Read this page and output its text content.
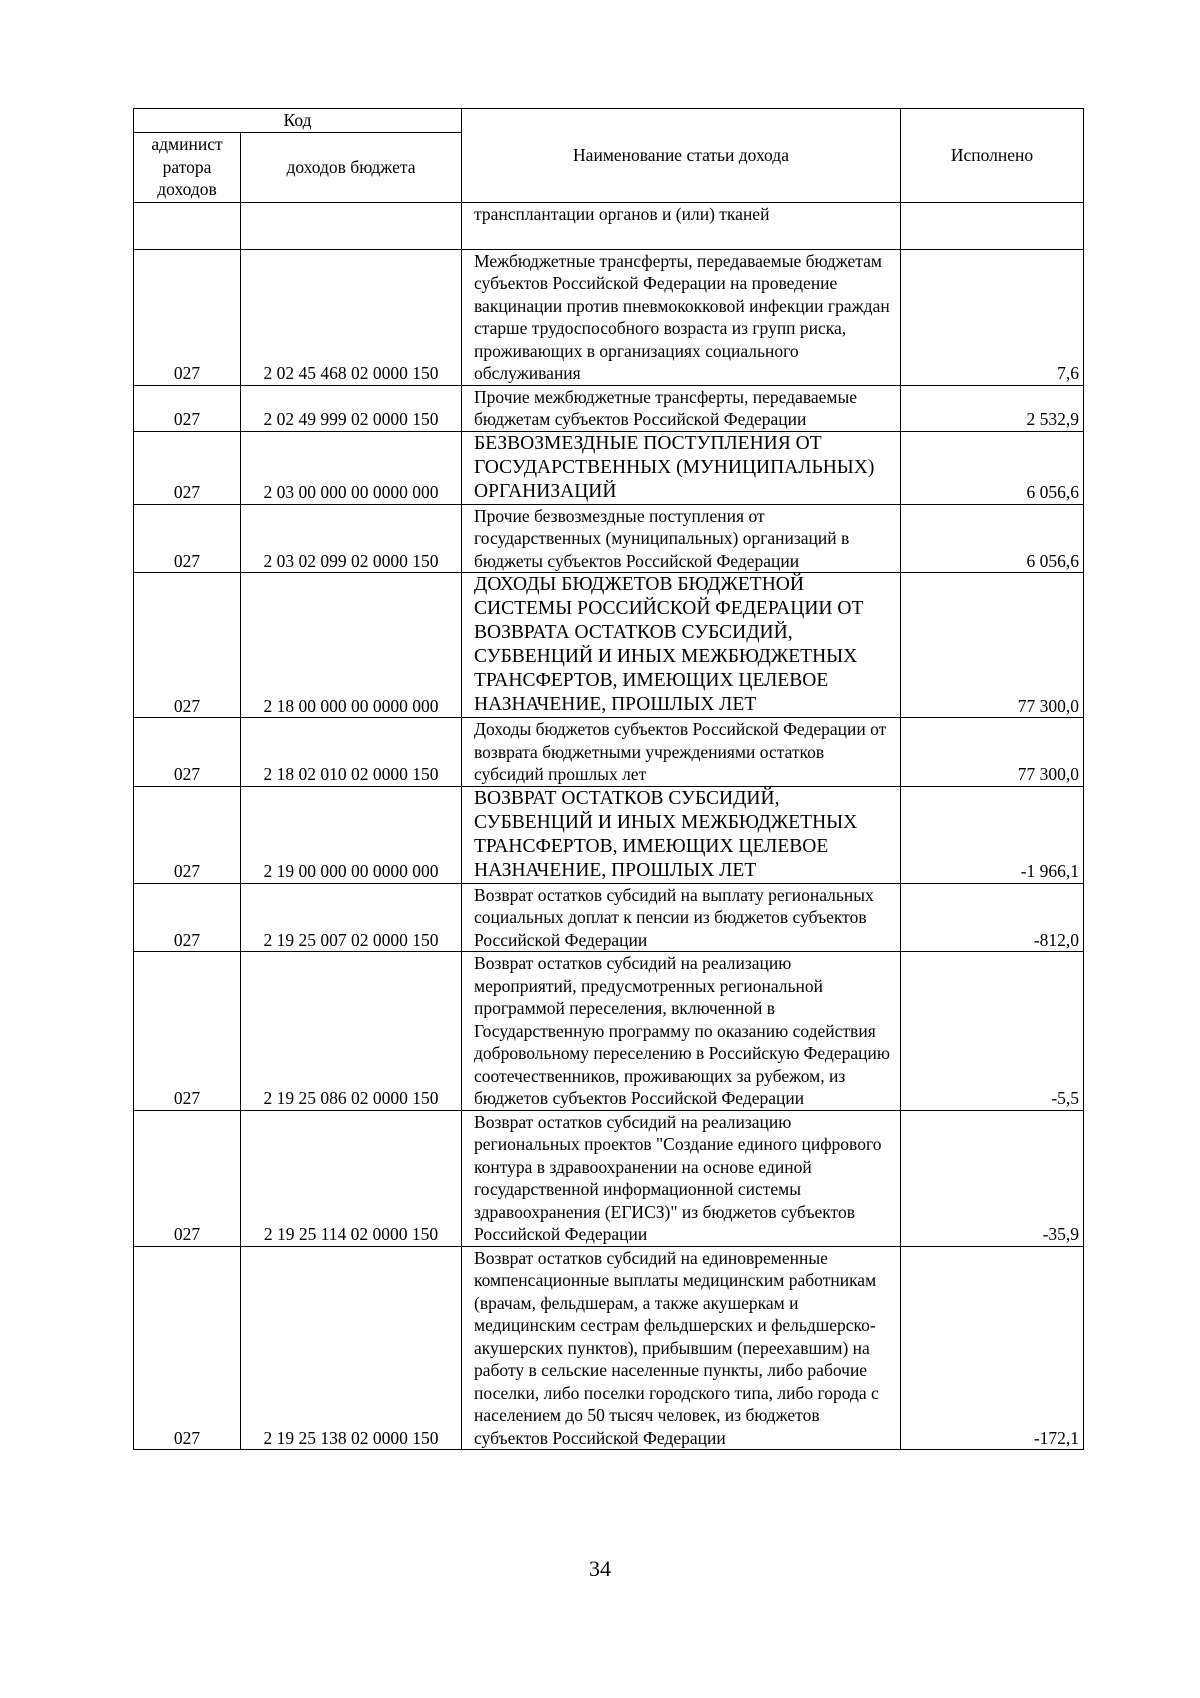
Код		Наименование статьи дохода	Исполнено
админист ратора доходов	доходов бюджета		
		трансплантации органов и (или) тканей	
027	2 02 45 468 02 0000 150	Межбюджетные трансферты, передаваемые бюджетам субъектов Российской Федерации на проведение вакцинации против пневмококковой инфекции граждан старше трудоспособного возраста из групп риска, проживающих в организациях социального обслуживания	7,6
027	2 02 49 999 02 0000 150	Прочие межбюджетные трансферты, передаваемые бюджетам субъектов Российской Федерации	2 532,9
027	2 03 00 000 00 0000 000	БЕЗВОЗМЕЗДНЫЕ ПОСТУПЛЕНИЯ ОТ ГОСУДАРСТВЕННЫХ (МУНИЦИПАЛЬНЫХ) ОРГАНИЗАЦИЙ	6 056,6
027	2 03 02 099 02 0000 150	Прочие безвозмездные поступления от государственных (муниципальных) организаций в бюджеты субъектов Российской Федерации	6 056,6
027	2 18 00 000 00 0000 000	ДОХОДЫ БЮДЖЕТОВ БЮДЖЕТНОЙ СИСТЕМЫ РОССИЙСКОЙ ФЕДЕРАЦИИ ОТ ВОЗВРАТА ОСТАТКОВ СУБСИДИЙ, СУБВЕНЦИЙ И ИНЫХ МЕЖБЮДЖЕТНЫХ ТРАНСФЕРТОВ, ИМЕЮЩИХ ЦЕЛЕВОЕ НАЗНАЧЕНИЕ, ПРОШЛЫХ ЛЕТ	77 300,0
027	2 18 02 010 02 0000 150	Доходы бюджетов субъектов Российской Федерации от возврата бюджетными учреждениями остатков субсидий прошлых лет	77 300,0
027	2 19 00 000 00 0000 000	ВОЗВРАТ ОСТАТКОВ СУБСИДИЙ, СУБВЕНЦИЙ И ИНЫХ МЕЖБЮДЖЕТНЫХ ТРАНСФЕРТОВ, ИМЕЮЩИХ ЦЕЛЕВОЕ НАЗНАЧЕНИЕ, ПРОШЛЫХ ЛЕТ	-1 966,1
027	2 19 25 007 02 0000 150	Возврат остатков субсидий на выплату региональных социальных доплат к пенсии из бюджетов субъектов Российской Федерации	-812,0
027	2 19 25 086 02 0000 150	Возврат остатков субсидий на реализацию мероприятий, предусмотренных региональной программой переселения, включенной в Государственную программу по оказанию содействия добровольному переселению в Российскую Федерацию соотечественников, проживающих за рубежом, из бюджетов субъектов Российской Федерации	-5,5
027	2 19 25 114 02 0000 150	Возврат остатков субсидий на реализацию региональных проектов "Создание единого цифрового контура в здравоохранении на основе единой государственной информационной системы здравоохранения (ЕГИСЗ)" из бюджетов субъектов Российской Федерации	-35,9
027	2 19 25 138 02 0000 150	Возврат остатков субсидий на единовременные компенсационные выплаты медицинским работникам (врачам, фельдшерам, а также акушеркам и медицинским сестрам фельдшерских и фельдшерско-акушерских пунктов), прибывшим (переехавшим) на работу в сельские населенные пункты, либо рабочие поселки, либо поселки городского типа, либо города с населением до 50 тысяч человек, из бюджетов субъектов Российской Федерации	-172,1
34
